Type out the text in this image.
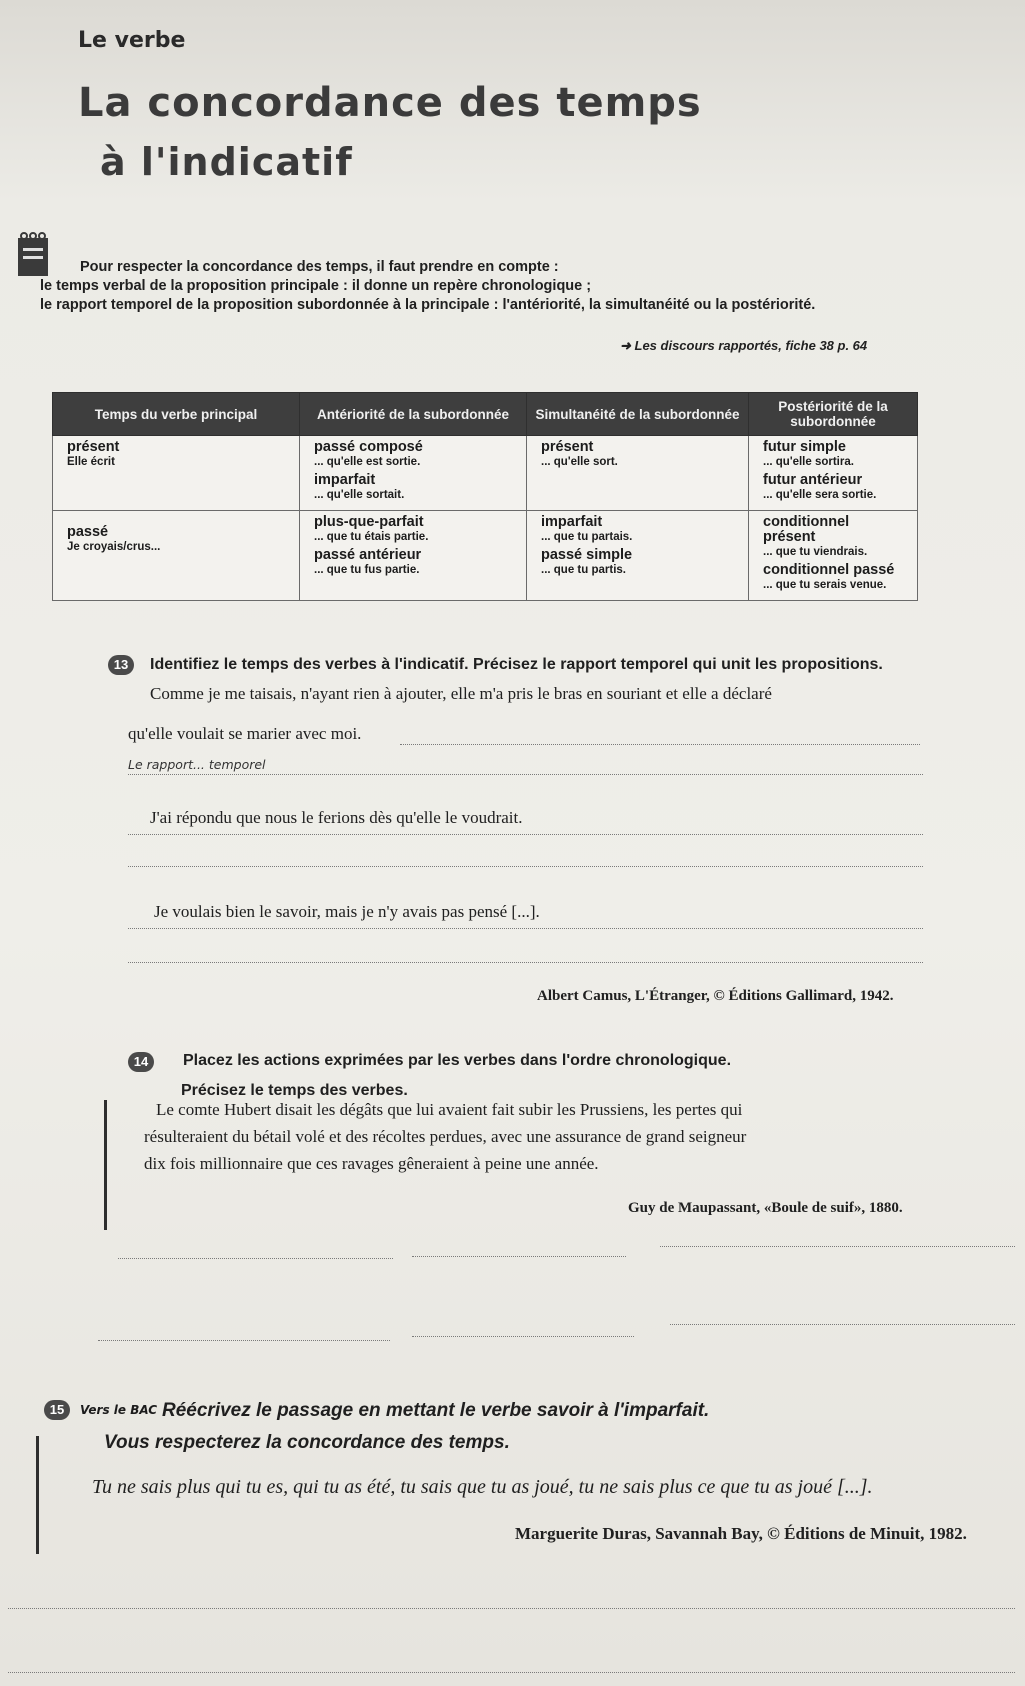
Le verbe
La concordance des temps
à l'indicatif

Pour respecter la concordance des temps, il faut prendre en compte :

le temps verbal de la proposition principale : il donne un repère chronologique ;

le rapport temporel de la proposition subordonnée à la principale : l'antériorité, la simultanéité ou la postériorité.

➜ Les discours rapportés, fiche 38 p. 64
Temps du verbe principal	Antériorité de la subordonnée	Simultanéité de la subordonnée	Postériorité de la subordonnée

présent
Elle écrit	passé composé
... qu'elle est sortie.
imparfait
... qu'elle sortait.	présent
... qu'elle sort.	futur simple
... qu'elle sortira.
futur antérieur
... qu'elle sera sortie.

passé
Je croyais/crus...	plus-que-parfait
... que tu étais partie.
passé antérieur
... que tu fus partie.	imparfait
... que tu partais.
passé simple
... que tu partis.	conditionnel présent
... que tu viendrais.
conditionnel passé
... que tu serais venue.
13	Identifiez le temps des verbes à l'indicatif. Précisez le rapport temporel qui unit les propositions.
Comme je me taisais, n'ayant rien à ajouter, elle m'a pris le bras en souriant et elle a déclaré
qu'elle voulait se marier avec moi.
Le rapport... temporel
J'ai répondu que nous le ferions dès qu'elle le voudrait.
Je voulais bien le savoir, mais je n'y avais pas pensé [...].
Albert Camus, L'Étranger, © Éditions Gallimard, 1942.
14	Placez les actions exprimées par les verbes dans l'ordre chronologique.
Précisez le temps des verbes.

Le comte Hubert disait les dégâts que lui avaient fait subir les Prussiens, les pertes qui

résulteraient du bétail volé et des récoltes perdues, avec une assurance de grand seigneur

dix fois millionnaire que ces ravages gêneraient à peine une année.

Guy de Maupassant, «Boule de suif», 1880.
15	Vers le BAC Réécrivez le passage en mettant le verbe savoir à l'imparfait.
Vous respecterez la concordance des temps.
Tu ne sais plus qui tu es, qui tu as été, tu sais que tu as joué, tu ne sais plus ce que tu as joué [...].
Marguerite Duras, Savannah Bay, © Éditions de Minuit, 1982.
